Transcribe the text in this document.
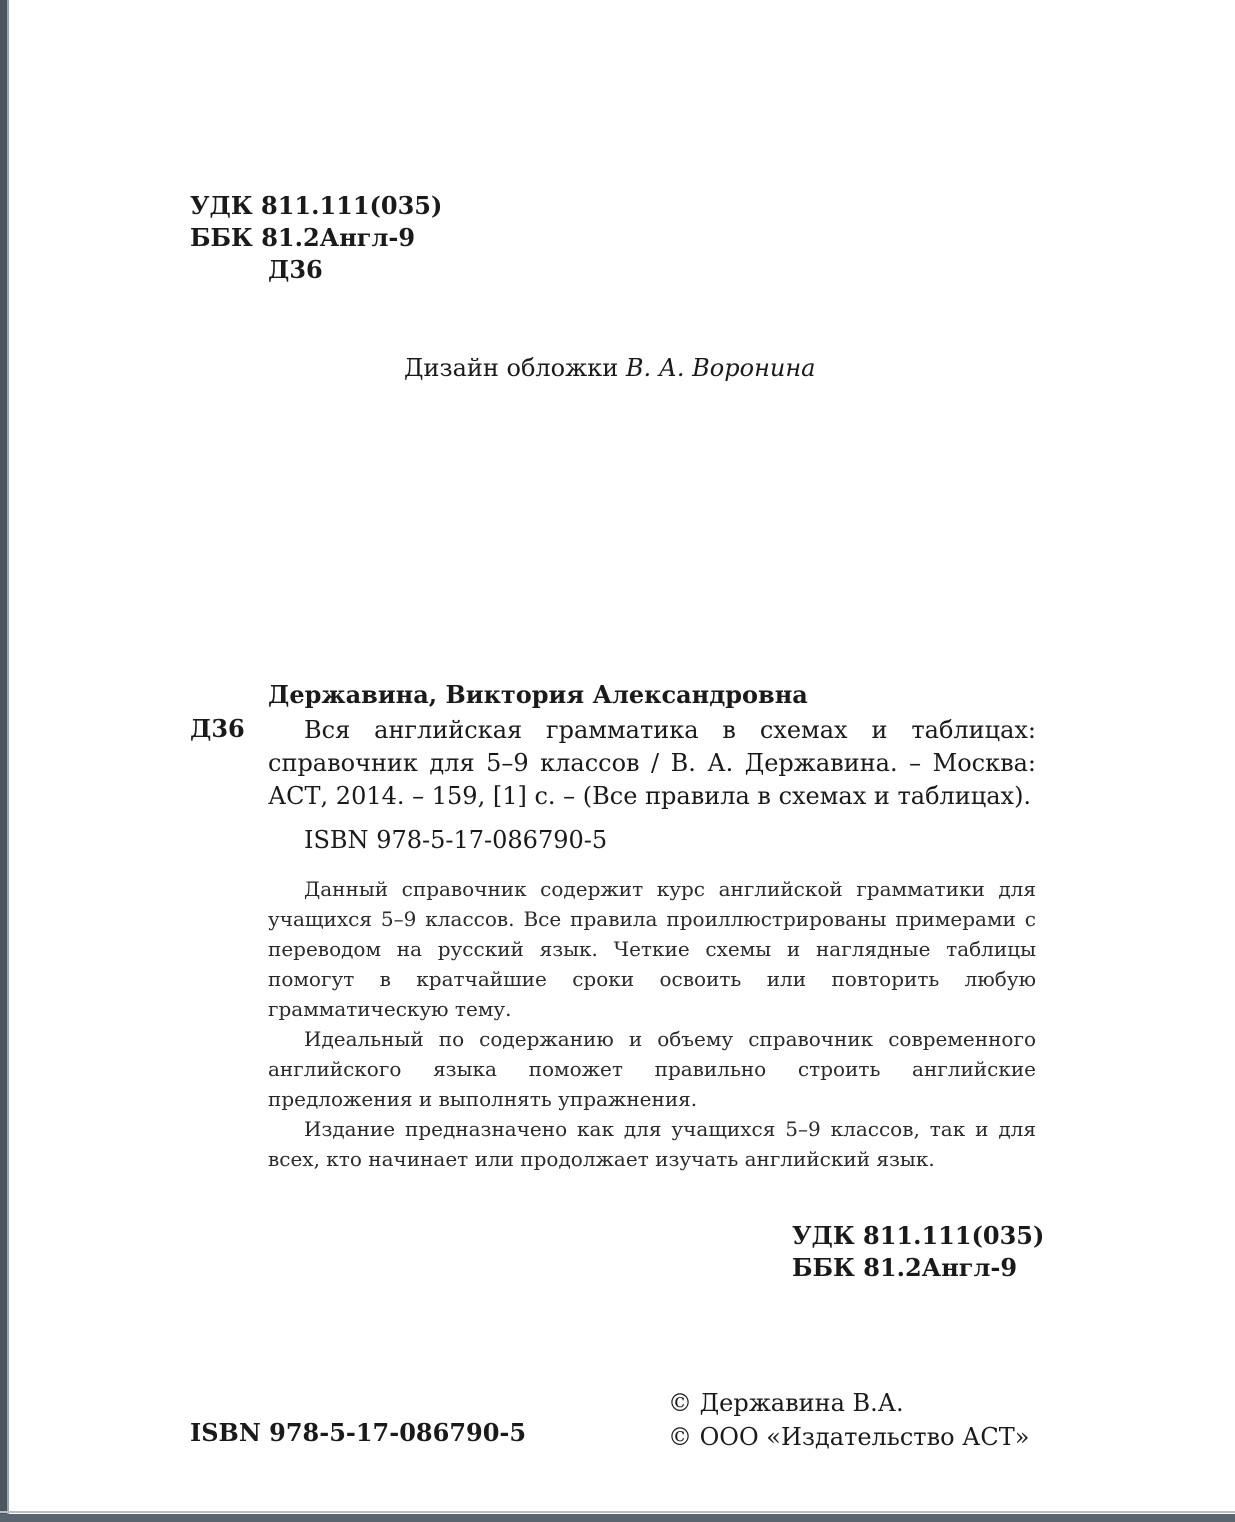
УДК 811.111(035)
ББК 81.2Англ-9
Д36
Дизайн обложки В. А. Воронина
Державина, Виктория Александровна
Д36	Вся английская грамматика в схемах и таблицах: справочник для 5–9 классов / В. А. Державина. – Москва: АСТ, 2014. – 159, [1] с. – (Все правила в схемах и таблицах).
ISBN 978-5-17-086790-5

Данный справочник содержит курс английской грамматики для учащихся 5–9 классов. Все правила проиллюстрированы примерами с переводом на русский язык. Четкие схемы и наглядные таблицы помогут в кратчайшие сроки освоить или повторить любую грамматическую тему.

Идеальный по содержанию и объему справочник современного английского языка поможет правильно строить английские предложения и выполнять упражнения.

Издание предназначено как для учащихся 5–9 классов, так и для всех, кто начинает или продолжает изучать английский язык.

УДК 811.111(035)
ББК 81.2Англ-9
© Державина В.А.
© ООО «Издательство АСТ»
ISBN 978-5-17-086790-5
